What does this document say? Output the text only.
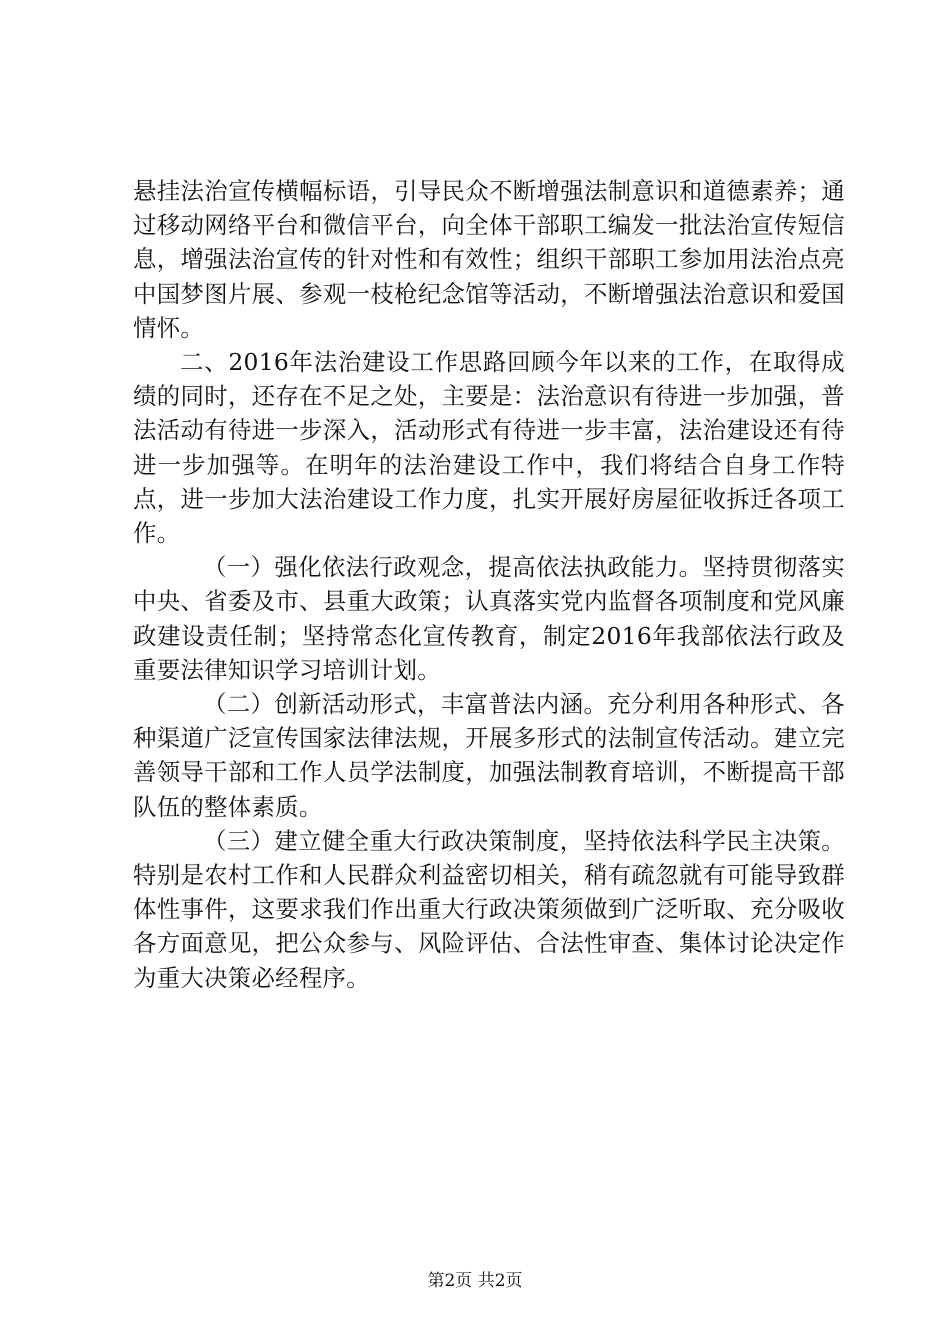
悬挂法治宣传横幅标语，引导民众不断增强法制意识和道德素养；通过移动网络平台和微信平台，向全体干部职工编发一批法治宣传短信息，增强法治宣传的针对性和有效性；组织干部职工参加用法治点亮中国梦图片展、参观一枝枪纪念馆等活动，不断增强法治意识和爱国情怀。

二、2016年法治建设工作思路回顾今年以来的工作，在取得成绩的同时，还存在不足之处，主要是：法治意识有待进一步加强，普法活动有待进一步深入，活动形式有待进一步丰富，法治建设还有待进一步加强等。在明年的法治建设工作中，我们将结合自身工作特点，进一步加大法治建设工作力度，扎实开展好房屋征收拆迁各项工作。

（一）强化依法行政观念，提高依法执政能力。坚持贯彻落实中央、省委及市、县重大政策；认真落实党内监督各项制度和党风廉政建设责任制；坚持常态化宣传教育，制定2016年我部依法行政及重要法律知识学习培训计划。

（二）创新活动形式，丰富普法内涵。充分利用各种形式、各种渠道广泛宣传国家法律法规，开展多形式的法制宣传活动。建立完善领导干部和工作人员学法制度，加强法制教育培训，不断提高干部队伍的整体素质。

（三）建立健全重大行政决策制度，坚持依法科学民主决策。特别是农村工作和人民群众利益密切相关，稍有疏忽就有可能导致群体性事件，这要求我们作出重大行政决策须做到广泛听取、充分吸收各方面意见，把公众参与、风险评估、合法性审查、集体讨论决定作为重大决策必经程序。

第2页 共2页
